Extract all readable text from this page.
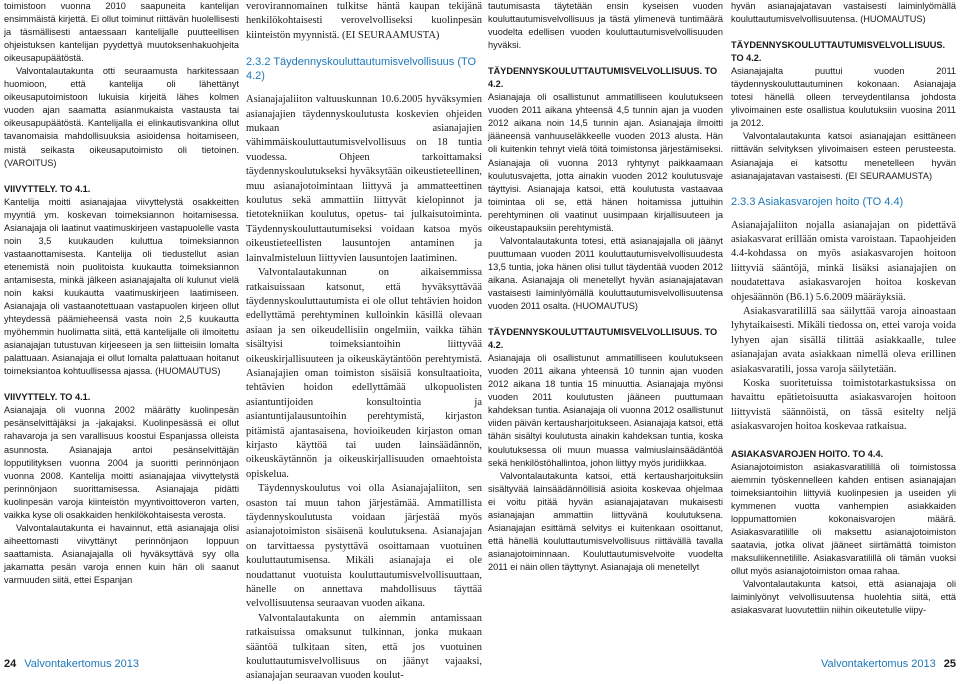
toimistoon vuonna 2010 saapuneita kantelijan ensimmäistä kirjettä. Ei ollut toiminut riittävän huolellisesti ja täsmällisesti antaessaan kantelijalle puutteellisen ohjeistuksen kantelijan pyydettyä muutoksenhakuohjeita oikeusapupäätöstä.

Valvontalautakunta otti seuraamusta harkitessaan huomioon, että kantelija oli lähettänyt oikeusaputoimistoon lukuisia kirjeitä lähes kolmen vuoden ajan saamatta asianmukaista vastausta tai oikeusapupäätöstä. Kantelijalla ei elinkautisvankina ollut tavanomaisia mahdollisuuksia asioidensa hoitamiseen, mistä seikasta oikeusaputoimisto oli tietoinen. (VAROITUS)

VIIVYTTELY. TO 4.1.

Kantelija moitti asianajajaa viivyttelystä osakkeitten myyntiä ym. koskevan toimeksiannon hoitamisessa. Asianajaja oli laatinut vaatimuskirjeen vastapuolelle vasta noin 3,5 kuukauden kuluttua toimeksiannon vastaanottamisesta. Kantelija oli tiedustellut asian etenemistä noin puolitoista kuukautta toimeksiannon antamisesta, minkä jälkeen asianajajalta oli kulunut vielä noin kaksi kuukautta vaatimuskirjeen laatimiseen. Asianajaja oli vastaanotettuaan vastapuolen kirjeen ollut yhteydessä päämieheensä vasta noin 2,5 kuukautta myöhemmin huolimatta siitä, että kantelijalle oli ilmoitettu asianajajan tutustuvan kirjeeseen ja sen liitteisiin lomalta palattuaan. Asianajaja ei ollut lomalta palattuaan hoitanut toimeksiantoa kohtuullisessa ajassa. (HUOMAUTUS)

VIIVYTTELY. TO 4.1.

Asianajaja oli vuonna 2002 määrätty kuolinpesän pesänselvittäjäksi ja -jakajaksi. Kuolinpesässä ei ollut rahavaroja ja sen varallisuus koostui Espanjassa olleista asunnosta. Asianajaja antoi pesänselvittäjän lopputilityksen vuonna 2004 ja suoritti perinnönjaon vuonna 2008. Kantelija moitti asianajajaa viivyttelystä perinnönjaon suorittamisessa. Asianajaja pidätti kuolinpesän varoja kiinteistön myyntivoittoveron varten, vaikka kyse oli osakkaiden henkilökohtaisesta verosta.

Valvontalautakunta ei havainnut, että asianajaja olisi aiheettomasti viivyttänyt perinnönjaon loppuun saattamista. Asianajajalla oli hyväksyttävä syy olla jakamatta pesän varoja ennen kuin hän oli saanut varmuuden siitä, ettei Espanjan

verovirannomainen tulkitse häntä kaupan tekijänä henkilökohtaisesti verovelvolliseksi kuolinpesän kiinteistön myynnistä. (EI SEURAAMUSTA)

2.3.2 Täydennyskouluttautumisvelvollisuus (TO 4.2)

Asianajajaliiton valtuuskunnan 10.6.2005 hyväksymien asianajajien täydennyskoulutusta koskevien ohjeiden mukaan asianajajien vähimmäiskouluttautumisvelvollisuus on 18 tuntia vuodessa. Ohjeen tarkoittamaksi täydennyskoulutukseksi hyväksytään oikeustieteellinen, muu asianajotoimintaan liittyvä ja ammatteettinen koulutus sekä ammattiin liittyvät kielopinnot ja tietotekniikan koulutus, opetus- tai julkaisutoiminta. Täydennyskouluttautumiseksi voidaan katsoa myös oikeustieteellisten lausuntojen antaminen ja lainvalmisteluun liittyvien lausuntojen laatiminen.

Valvontalautakunnan on aikaisemmissa ratkaisuissaan katsonut, että hyväksyttävää täydennyskouluttautumista ei ole ollut tehtävien hoidon edellyttämä perehtyminen kulloinkin käsillä olevaan asiaan ja sen oikeudellisiin ongelmiin, vaikka tähän sisältyisi toimeksiantoihin liittyvää oikeuskirjallisuuteen ja oikeuskäytäntöön perehtymistä. Asianajajien oman toimiston sisäisiä konsultaatioita, tehtävien hoidon edellyttämää ulkopuolisten asiantuntijoiden konsultointia ja asiantuntijalausuntoihin perehtymistä, kirjaston pitämistä ajantasaisena, hovioikeuden kirjaston oman kirjasto käyttöä tai uuden lainsäädännön, oikeuskäytännön ja oikeuskirjallisuuden omaehtoista opiskelua.

Täydennyskoulutus voi olla Asianajajaliiton, sen osaston tai muun tahon järjestämää. Ammatillista täydennyskoulutusta voidaan järjestää myös asianajotoimiston sisäisenä koulutuksena. Asianajajan on tarvittaessa pystyttävä osoittamaan vuotuinen kouluttautumisensa. Mikäli asianajaja ei ole noudattanut vuotuista kouluttautumisvelvollisuuttaan, hänelle on annettava mahdollisuus täyttää velvollisuutensa seuraavan vuoden aikana.

Valvontalautakunta on aiemmin antamissaan ratkaisuissa omaksunut tulkinnan, jonka mukaan sääntöä tulkitaan siten, että jos vuotuinen kouluttautumisvelvollisuus on jäänyt vajaaksi, asianajajan seuraavan vuoden koulut-

tautumisasta täytetään ensin kyseisen vuoden kouluttautumisvelvollisuus ja tästä ylimenevä tuntimäärä vuodelta edellisen vuoden kouluttautumisvelvollisuuden hyväksi.

TÄYDENNYSKOULUTTAUTUMISVELVOLLISUUS. TO 4.2.

Asianajaja oli osallistunut ammatilliseen koulutukseen vuoden 2011 aikana yhteensä 4,5 tunnin ajan ja vuoden 2012 aikana noin 14,5 tunnin ajan. Asianajaja ilmoitti jääneensä vanhuuseläkkeelle vuoden 2013 alusta. Hän oli kuitenkin tehnyt vielä töitä toimistonsa järjestämiseksi. Asianajaja oli vuonna 2013 ryhtynyt paikkaamaan koulutusvajetta, jotta ainakin vuoden 2012 koulutusvaje täyttyisi. Asianajaja katsoi, että koulutusta vastaavaa toimintaa oli se, että hänen hoitamissa juttuihin perehtyminen oli vaatinut uusimpaan kirjallisuuteen ja oikeustapauksiin perehtymistä.

Valvontalautakunta totesi, että asianajajalla oli jäänyt puuttumaan vuoden 2011 kouluttautumisvelvollisuudesta 13,5 tuntia, joka hänen olisi tullut täydentää vuoden 2012 aikana. Asianajaja oli menetellyt hyvän asianajajatavan vastaisesti laiminlyömällä kouluttautumisvelvollisuutensa vuoden 2011 osalta. (HUOMAUTUS)

TÄYDENNYSKOULUTTAUTUMISVELVOLLISUUS. TO 4.2.

Asianajaja oli osallistunut ammatilliseen koulutukseen vuoden 2011 aikana yhteensä 10 tunnin ajan vuoden 2012 aikana 18 tuntia 15 minuuttia. Asianajaja myönsi vuoden 2011 koulutusten jääneen puuttumaan kahdeksan tuntia. Asianajaja oli vuonna 2012 osallistunut viiden päivän kertausharjoitukseen. Asianajaja katsoi, että tähän sisältyi koulutusta ainakin kahdeksan tuntia, koska koulutuksessa oli muun muassa valmiuslainsäädäntöä sekä henkilöstöhallintoa, johon liittyy myös juridiikkaa.

Valvontalautakunta katsoi, että kertausharjoituksiin sisältyvää lainsäädännöllisiä asioita koskevaa ohjelmaa ei voitu pitää hyvän asianajajatavan mukaisesti asianajajan ammattiin liittyvänä koulutuksena. Asianajajan esittämä selvitys ei kuitenkaan osoittanut, että hänellä kouluttautumisvelvollisuus riittävällä tavalla asianajotoiminnaan. Kouluttautumisvelvoite vuodelta 2011 ei näin ollen täyttynyt. Asianajaja oli menetellyt

hyvän asianajajatavan vastaisesti laiminlyömällä kouluttautumisvelvollisuutensa. (HUOMAUTUS)

TÄYDENNYSKOULUTTAUTUMISVELVOLLISUUS. TO 4.2.

Asianajajalta puuttui vuoden 2011 täydennyskouluttautuminen kokonaan. Asianajaja totesi hänellä olleen terveydentilansa johdosta ylivoimainen este osallistua koulutuksiin vuosina 2011 ja 2012.

Valvontalautakunta katsoi asianajajan esittäneen riittävän selvityksen ylivoimaisen esteen perusteesta. Asianajaja ei katsottu menetelleen hyvän asianajajatavan vastaisesti. (EI SEURAAMUSTA)

2.3.3 Asiakasvarojen hoito (TO 4.4)

Asianajajaliiton nojalla asianajajan on pidettävä asiakasvarat erillään omista varoistaan. Tapaohjeiden 4.4-kohdassa on myös asiakasvarojen hoitoon liittyviä sääntöjä, minkä lisäksi asianajajien on noudatettava asiakasvarojen hoitoa koskevan ohjesäännön (B6.1) 5.6.2009 määräyksiä.

Asiakasvaratilillä saa säilyttää varoja ainoastaan lyhytaikaisesti. Mikäli tiedossa on, ettei varoja voida lyhyen ajan sisällä tilittää asiakkaalle, tulee asianajajan avata asiakkaan nimellä oleva erillinen asiakasvaratili, jossa varoja säilytetään.

Koska suoritetuissa toimistotarkastuksissa on havaittu epätietoisuutta asiakasvarojen hoitoon liittyvistä säännöistä, on tässä esitelty neljä asiakasvarojen hoitoa koskevaa ratkaisua.

ASIAKASVAROJEN HOITO. TO 4.4.

Asianajotoimiston asiakasvaratilillä oli toimistossa aiemmin työskennelleen kahden entisen asianajajan toimeksiantoihin liittyviä kuolinpesien ja useiden yli kymmenen vuotta vanhempien asiakkaiden loppumattomien kokonaisvarojen määrä. Asiakasvaratilille oli maksettu asianajotoimiston saatavia, jotka olivat jääneet siirtämättä toimiston maksuliikennetilille. Asiakasvaratilillä oli tämän vuoksi ollut myös asianajotoimiston omaa rahaa.

Valvontalautakunta katsoi, että asianajaja oli laiminlyönyt velvollisuutensa huolehtia siitä, että asiakasvarat luovutettiin niihin oikeutetulle viipy-

24 Valvontakertomus 2013	Valvontakertomus 2013 25
